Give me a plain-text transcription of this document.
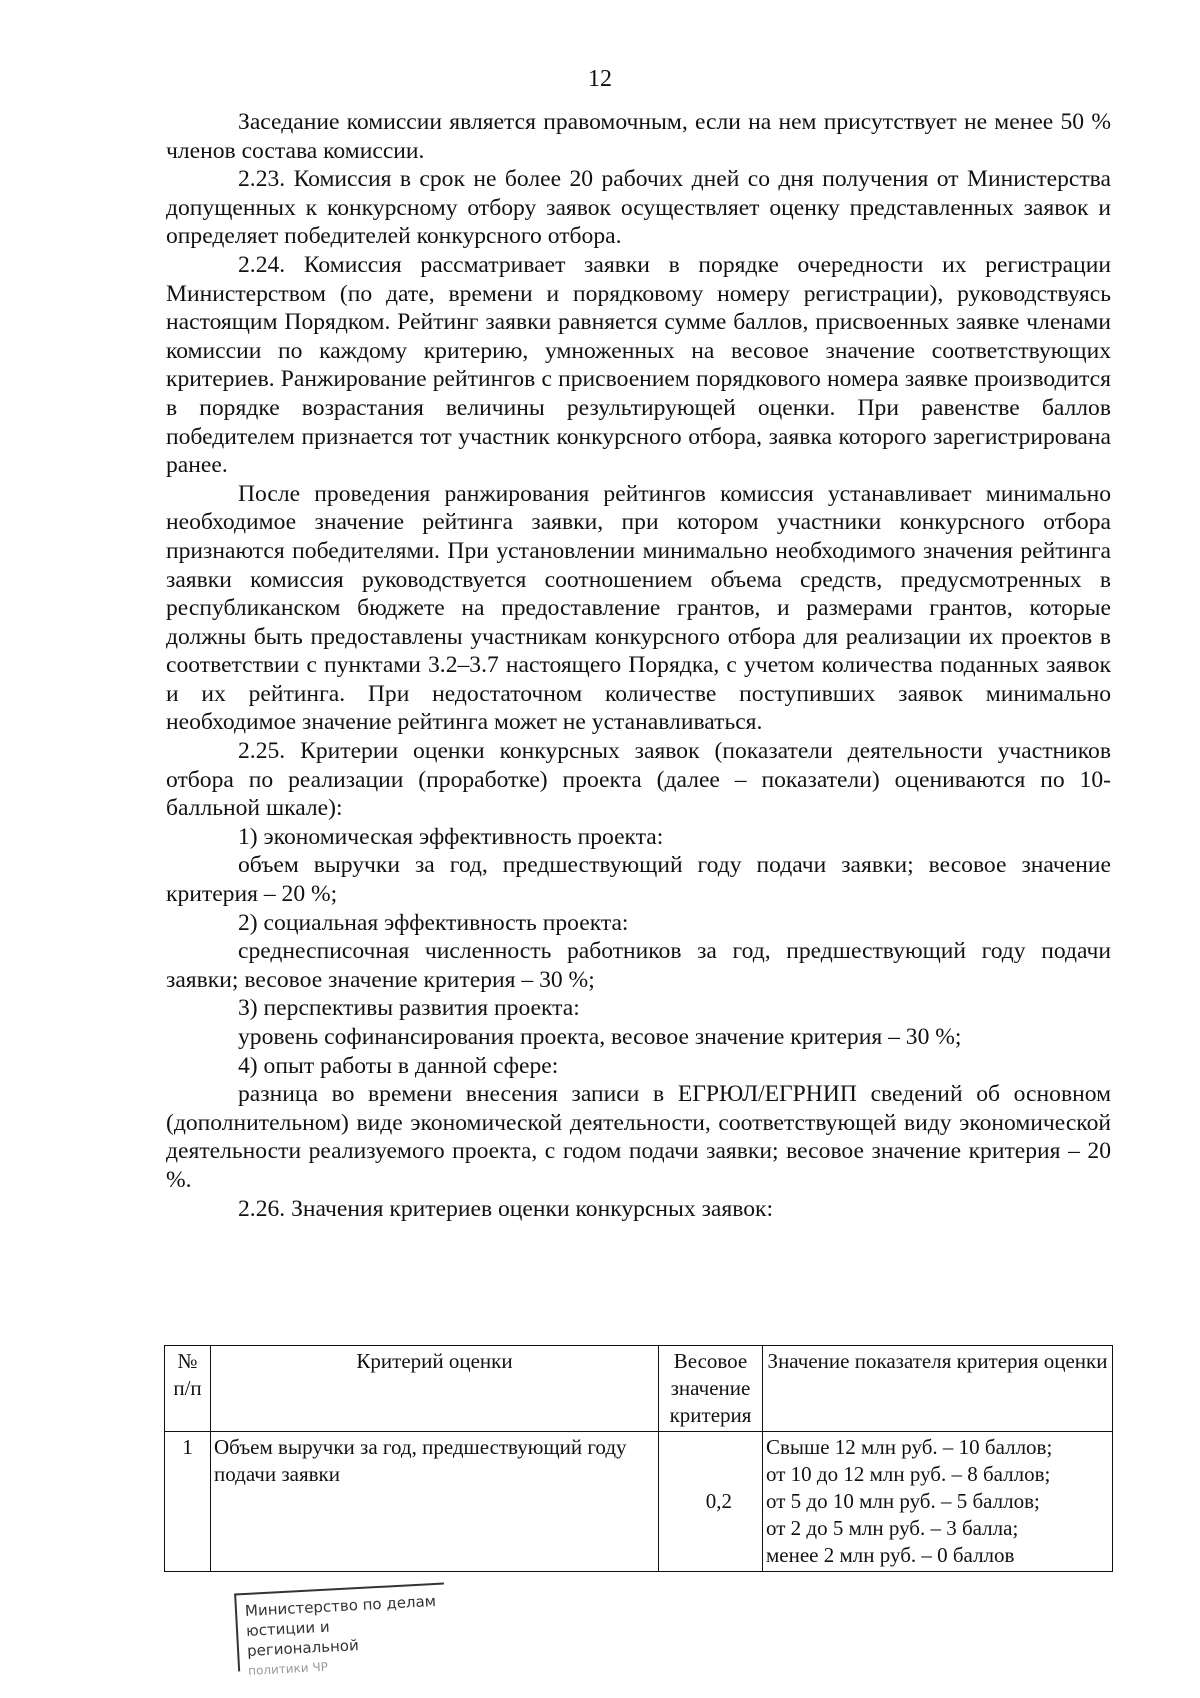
12

Заседание комиссии является правомочным, если на нем присутствует не менее 50 % членов состава комиссии.

2.23. Комиссия в срок не более 20 рабочих дней со дня получения от Министерства допущенных к конкурсному отбору заявок осуществляет оценку представленных заявок и определяет победителей конкурсного отбора.

2.24. Комиссия рассматривает заявки в порядке очередности их регистрации Министерством (по дате, времени и порядковому номеру регистрации), руководствуясь настоящим Порядком. Рейтинг заявки равняется сумме баллов, присвоенных заявке членами комиссии по каждому критерию, умноженных на весовое значение соответствующих критериев. Ранжирование рейтингов с присвоением порядкового номера заявке производится в порядке возрастания величины результирующей оценки. При равенстве баллов победителем признается тот участник конкурсного отбора, заявка которого зарегистрирована ранее.

После проведения ранжирования рейтингов комиссия устанавливает минимально необходимое значение рейтинга заявки, при котором участники конкурсного отбора признаются победителями. При установлении минимально необходимого значения рейтинга заявки комиссия руководствуется соотношением объема средств, предусмотренных в республиканском бюджете на предоставление грантов, и размерами грантов, которые должны быть предоставлены участникам конкурсного отбора для реализации их проектов в соответствии с пунктами 3.2–3.7 настоящего Порядка, с учетом количества поданных заявок и их рейтинга. При недостаточном количестве поступивших заявок минимально необходимое значение рейтинга может не устанавливаться.

2.25. Критерии оценки конкурсных заявок (показатели деятельности участников отбора по реализации (проработке) проекта (далее – показатели) оцениваются по 10-балльной шкале):

1) экономическая эффективность проекта:

объем выручки за год, предшествующий году подачи заявки; весовое значение критерия – 20 %;

2) социальная эффективность проекта:

среднесписочная численность работников за год, предшествующий году подачи заявки; весовое значение критерия – 30 %;

3) перспективы развития проекта:

уровень софинансирования проекта, весовое значение критерия – 30 %;

4) опыт работы в данной сфере:

разница во времени внесения записи в ЕГРЮЛ/ЕГРНИП сведений об основном (дополнительном) виде экономической деятельности, соответствующей виду экономической деятельности реализуемого проекта, с годом подачи заявки; весовое значение критерия – 20 %.

2.26. Значения критериев оценки конкурсных заявок:

№ п/п	Критерий оценки	Весовое значение критерия	Значение показателя критерия оценки
1	Объем выручки за год, предшествующий году подачи заявки	0,2	Свыше 12 млн руб. – 10 баллов;
от 10 до 12 млн руб. – 8 баллов;
от 5 до 10 млн руб. – 5 баллов;
от 2 до 5 млн руб. – 3 балла;
менее 2 млн руб. – 0 баллов
Министерство по делам
юстиции и региональной
политики ЧР
